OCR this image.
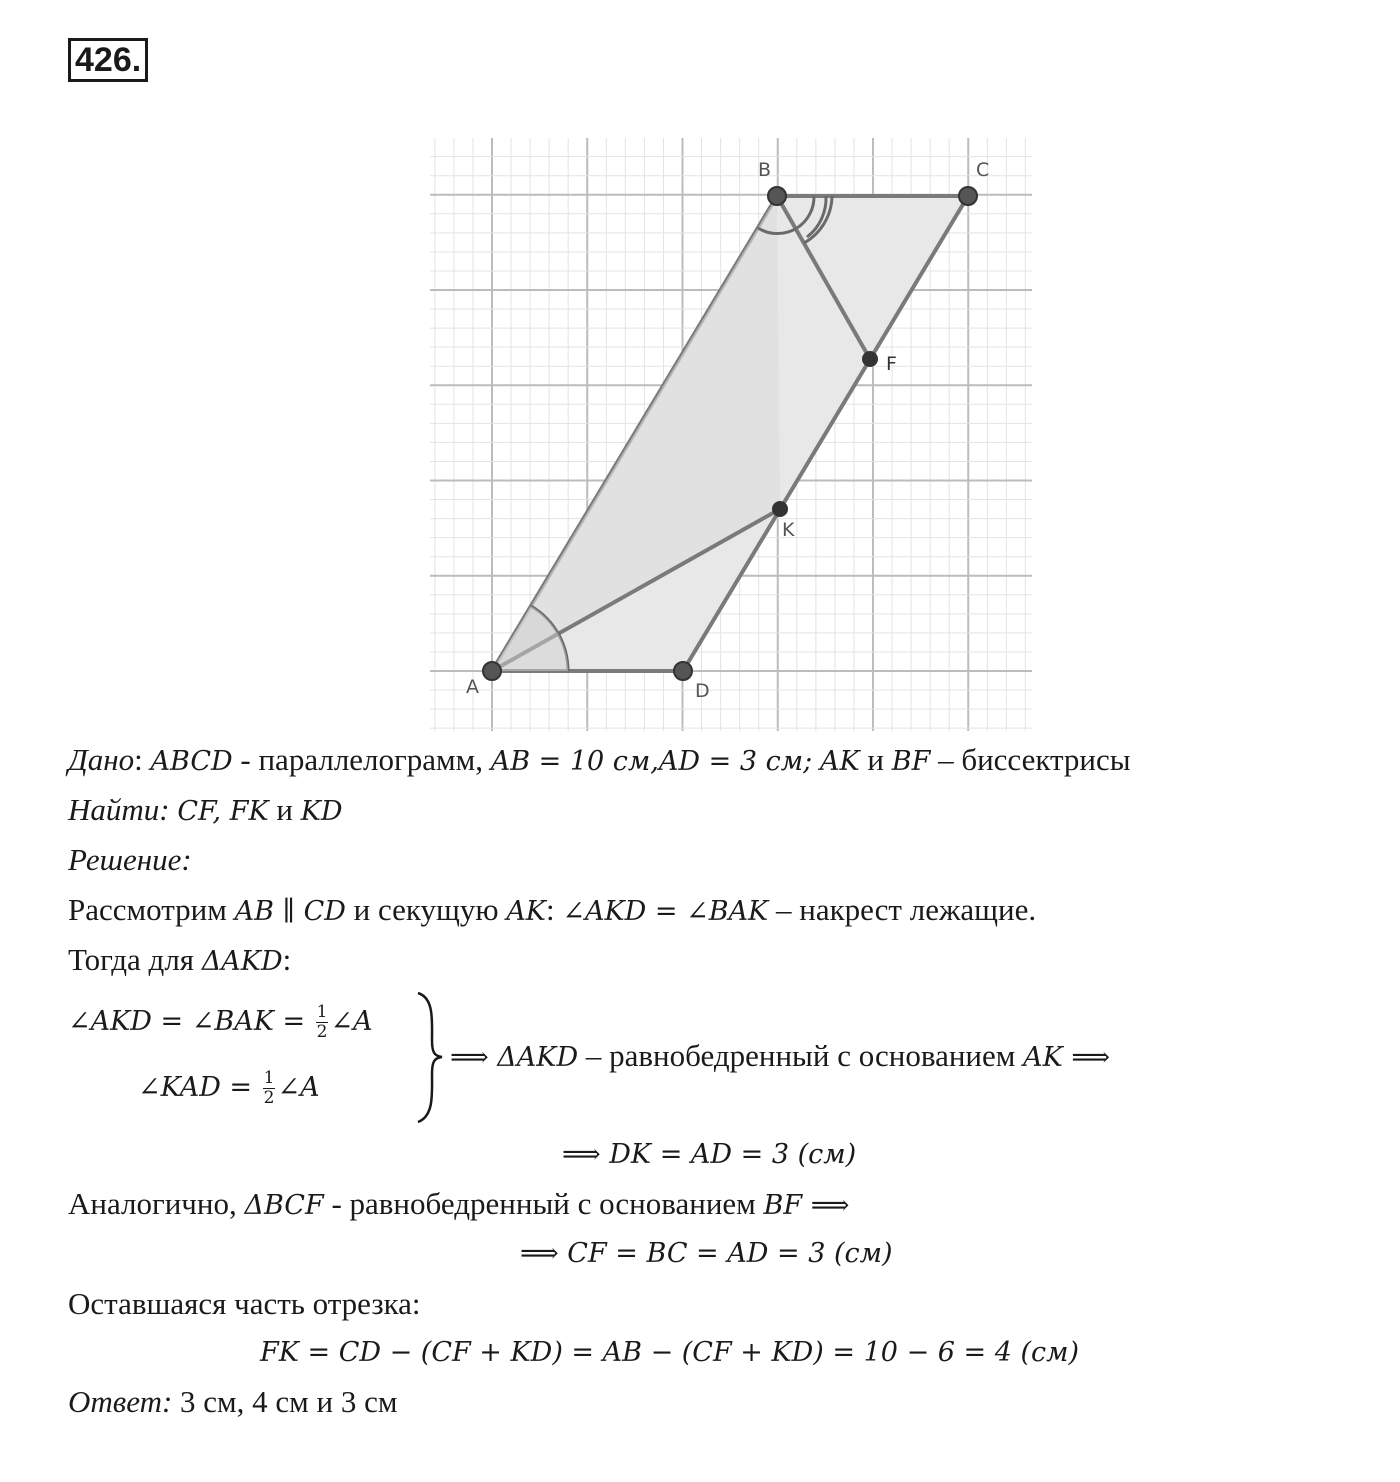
426.
A
B	C
D
F
K
Дано: ABCD - параллелограмм, AB = 10 см,AD = 3 см; AK и BF – биссектрисы
Найти: CF, FK и KD
Решение:
Рассмотрим AB ∥ CD и секущую AK: ∠AKD = ∠BAK – накрест лежащие.
Тогда для ΔAKD:
∠AKD = ∠BAK = $\frac{1}{2}$ ∠A
∠KAD = $\frac{1}{2}$ ∠A
⟹ ΔAKD – равнобедренный с основанием AK ⟹
⟹ DK = AD = 3 (см)
Аналогично, ΔBCF - равнобедренный с основанием BF ⟹
⟹ CF = BC = AD = 3 (см)
Оставшаяся часть отрезка:
FK = CD − (CF + KD) = AB − (CF + KD) = 10 − 6 = 4 (см)
Ответ: 3 см, 4 см и 3 см
